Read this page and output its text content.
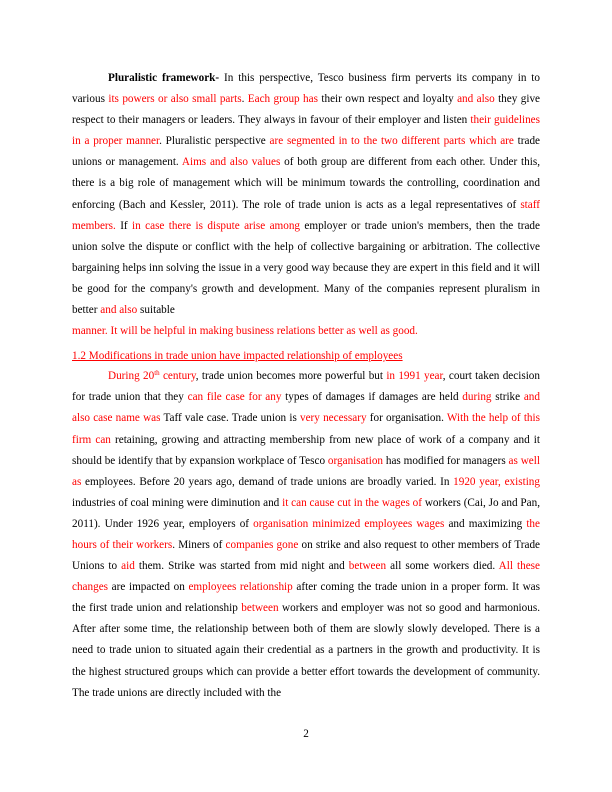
Pluralistic framework- In this perspective, Tesco business firm perverts its company in to various its powers or also small parts. Each group has their own respect and loyalty and also they give respect to their managers or leaders. They always in favour of their employer and listen their guidelines in a proper manner. Pluralistic perspective are segmented in to the two different parts which are trade unions or management. Aims and also values of both group are different from each other. Under this, there is a big role of management which will be minimum towards the controlling, coordination and enforcing (Bach and Kessler, 2011). The role of trade union is acts as a legal representatives of staff members. If in case there is dispute arise among employer or trade union's members, then the trade union solve the dispute or conflict with the help of collective bargaining or arbitration. The collective bargaining helps inn solving the issue in a very good way because they are expert in this field and it will be good for the company's growth and development. Many of the companies represent pluralism in better and also suitable

manner. It will be helpful in making business relations better as well as good.

1.2 Modifications in trade union have impacted relationship of employees

During 20th century, trade union becomes more powerful but in 1991 year, court taken decision for trade union that they can file case for any types of damages if damages are held during strike and also case name was Taff vale case. Trade union is very necessary for organisation. With the help of this firm can retaining, growing and attracting membership from new place of work of a company and it should be identify that by expansion workplace of Tesco organisation has modified for managers as well as employees. Before 20 years ago, demand of trade unions are broadly varied. In 1920 year, existing industries of coal mining were diminution and it can cause cut in the wages of workers (Cai, Jo and Pan, 2011). Under 1926 year, employers of organisation minimized employees wages and maximizing the hours of their workers. Miners of companies gone on strike and also request to other members of Trade Unions to aid them. Strike was started from mid night and between all some workers died. All these changes are impacted on employees relationship after coming the trade union in a proper form. It was the first trade union and relationship between workers and employer was not so good and harmonious. After after some time, the relationship between both of them are slowly slowly developed. There is a need to trade union to situated again their credential as a partners in the growth and productivity. It is the highest structured groups which can provide a better effort towards the development of community. The trade unions are directly included with the

2
